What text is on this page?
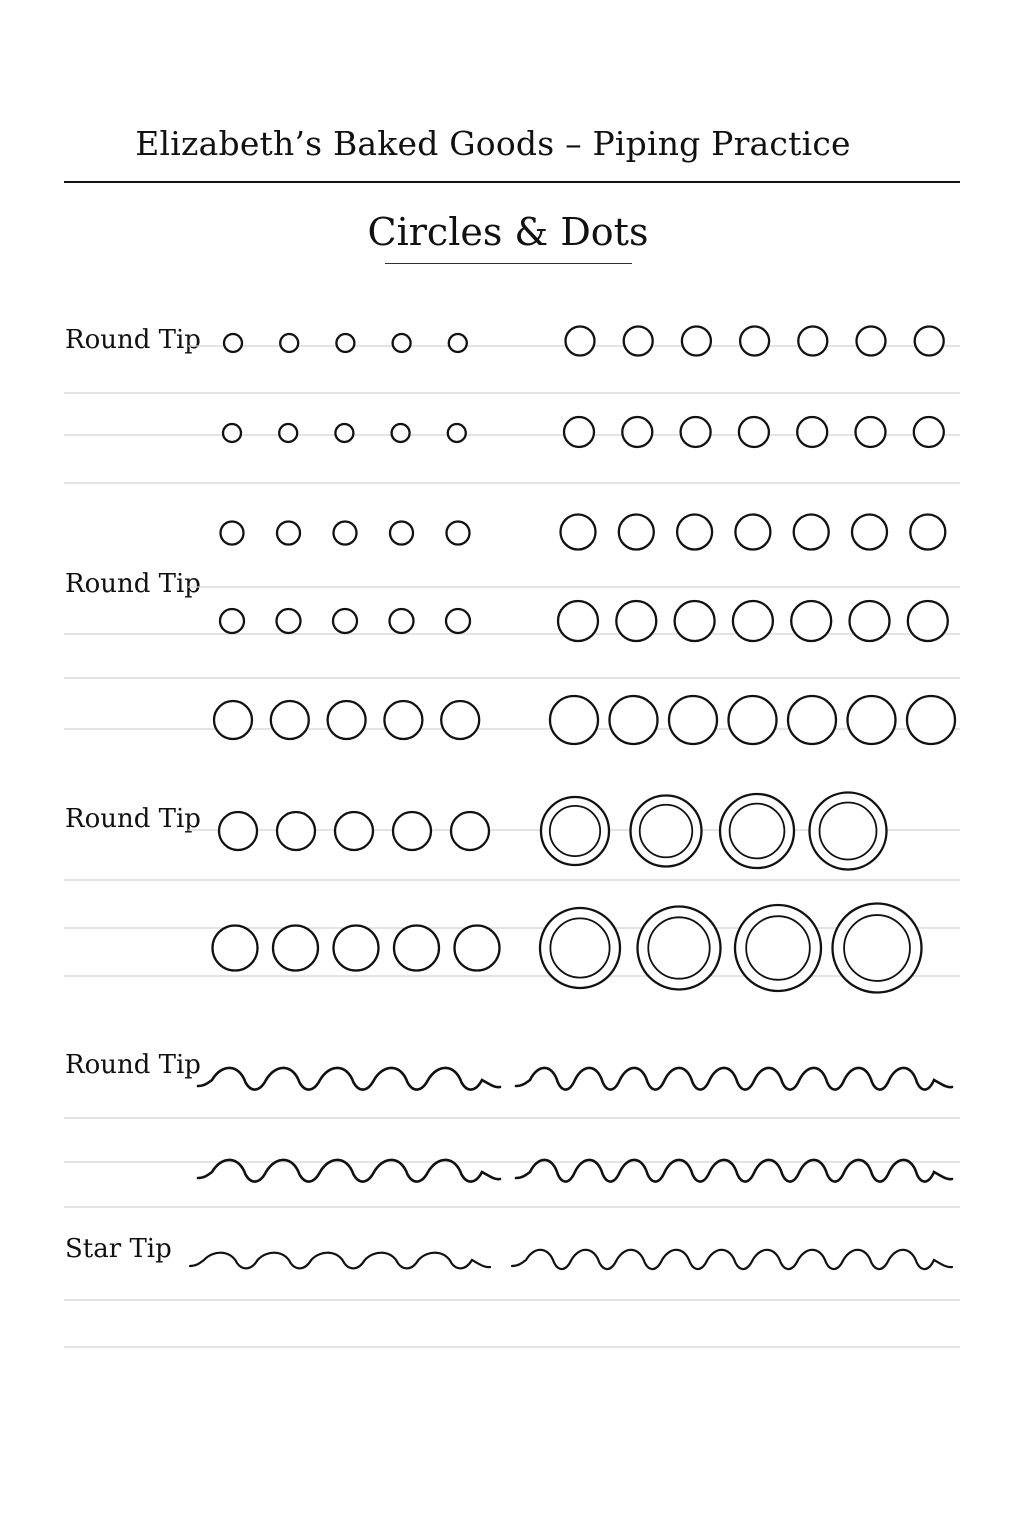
Elizabeth’s Baked Goods – Piping Practice
Circles & Dots
Round Tip
Round Tip
Round Tip
Round Tip
Star Tip
